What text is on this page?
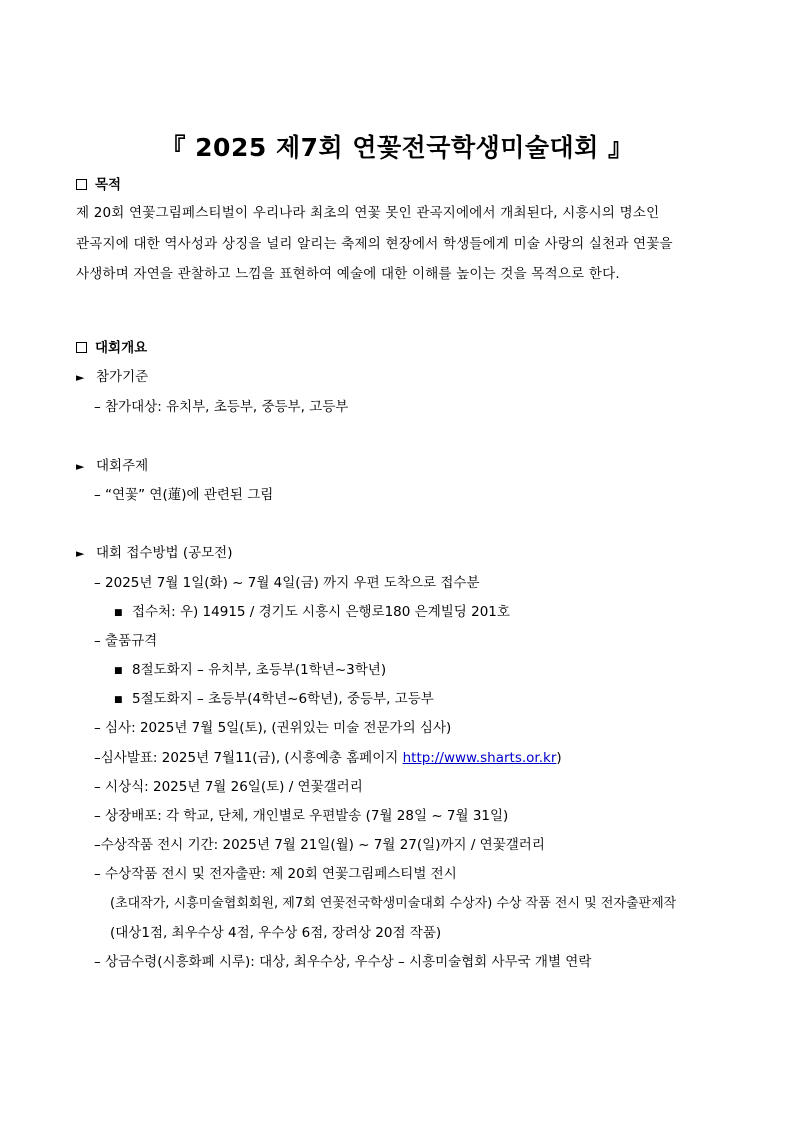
『 2025 제7회 연꽃전국학생미술대회 』
목적
제 20회 연꽃그림페스티벌이 우리나라 최초의 연꽃 못인 관곡지에에서 개최된다, 시흥시의 명소인
관곡지에 대한 역사성과 상징을 널리 알리는 축제의 현장에서 학생들에게 미술 사랑의 실천과 연꽃을
사생하며 자연을 관찰하고 느낌을 표현하여 예술에 대한 이해를 높이는 것을 목적으로 한다.
대회개요
► 참가기준
– 참가대상: 유치부, 초등부, 중등부, 고등부
► 대회주제
– “연꽃” 연(蓮)에 관련된 그림
► 대회 접수방법 (공모전)
– 2025년 7월 1일(화) ~ 7월 4일(금) 까지 우편 도착으로 접수분
■ 접수처: 우) 14915 / 경기도 시흥시 은행로180 은계빌딩 201호
– 출품규격
■ 8절도화지 – 유치부, 초등부(1학년~3학년)
■ 5절도화지 – 초등부(4학년~6학년), 중등부, 고등부
– 심사: 2025년 7월 5일(토), (권위있는 미술 전문가의 심사)
–심사발표: 2025년 7월11(금), (시흥예총 홈페이지 http://www.sharts.or.kr)
– 시상식: 2025년 7월 26일(토) / 연꽃갤러리
– 상장배포: 각 학교, 단체, 개인별로 우편발송 (7월 28일 ~ 7월 31일)
–수상작품 전시 기간: 2025년 7월 21일(월) ~ 7월 27(일)까지 / 연꽃갤러리
– 수상작품 전시 및 전자출판: 제 20회 연꽃그림페스티벌 전시
(초대작가, 시흥미술협회회원, 제7회 연꽃전국학생미술대회 수상자) 수상 작품 전시 및 전자출판제작
(대상1점, 최우수상 4점, 우수상 6점, 장려상 20점 작품)
– 상금수령(시흥화폐 시루): 대상, 최우수상, 우수상 – 시흥미술협회 사무국 개별 연락
